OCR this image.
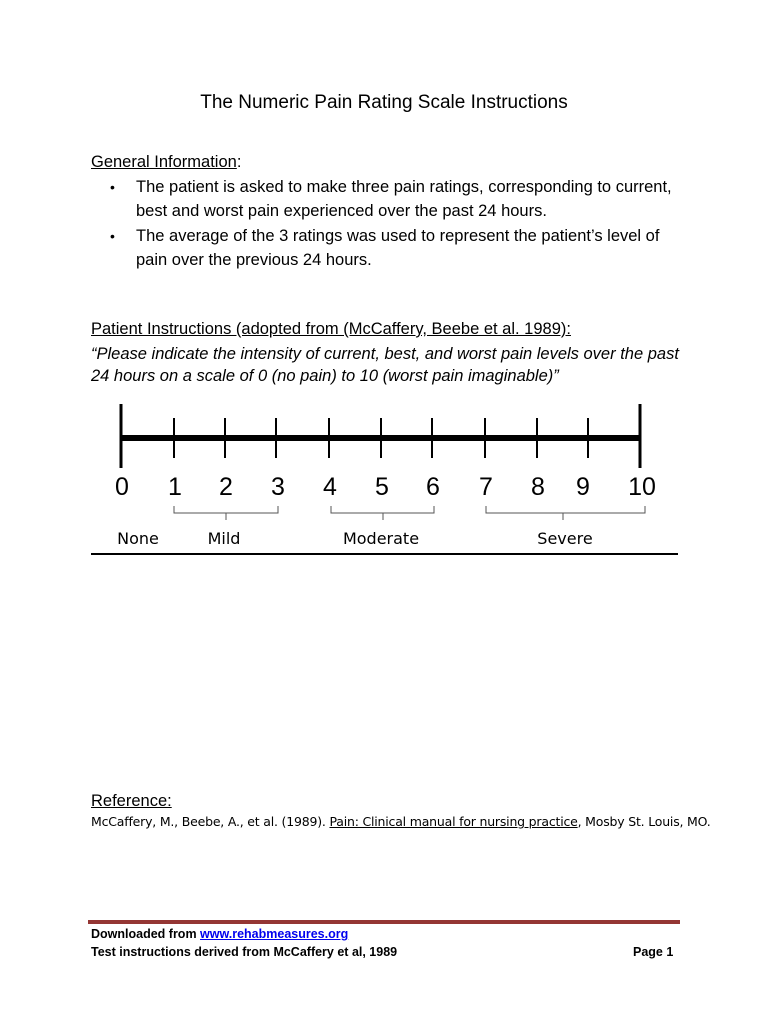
The Numeric Pain Rating Scale Instructions
General Information:
• The patient is asked to make three pain ratings, corresponding to current, best and worst pain experienced over the past 24 hours.
• The average of the 3 ratings was used to represent the patient’s level of pain over the previous 24 hours.
Patient Instructions (adopted from (McCaffery, Beebe et al. 1989):
“Please indicate the intensity of current, best, and worst pain levels over the past 24 hours on a scale of 0 (no pain) to 10 (worst pain imaginable)”
0 1 2 3 4 5 6 7 8 9 10
None	Mild	Moderate	Severe
Reference:
McCaffery, M., Beebe, A., et al. (1989). Pain: Clinical manual for nursing practice, Mosby St. Louis, MO.
Downloaded from www.rehabmeasures.org
Test instructions derived from McCaffery et al, 1989	Page 1
